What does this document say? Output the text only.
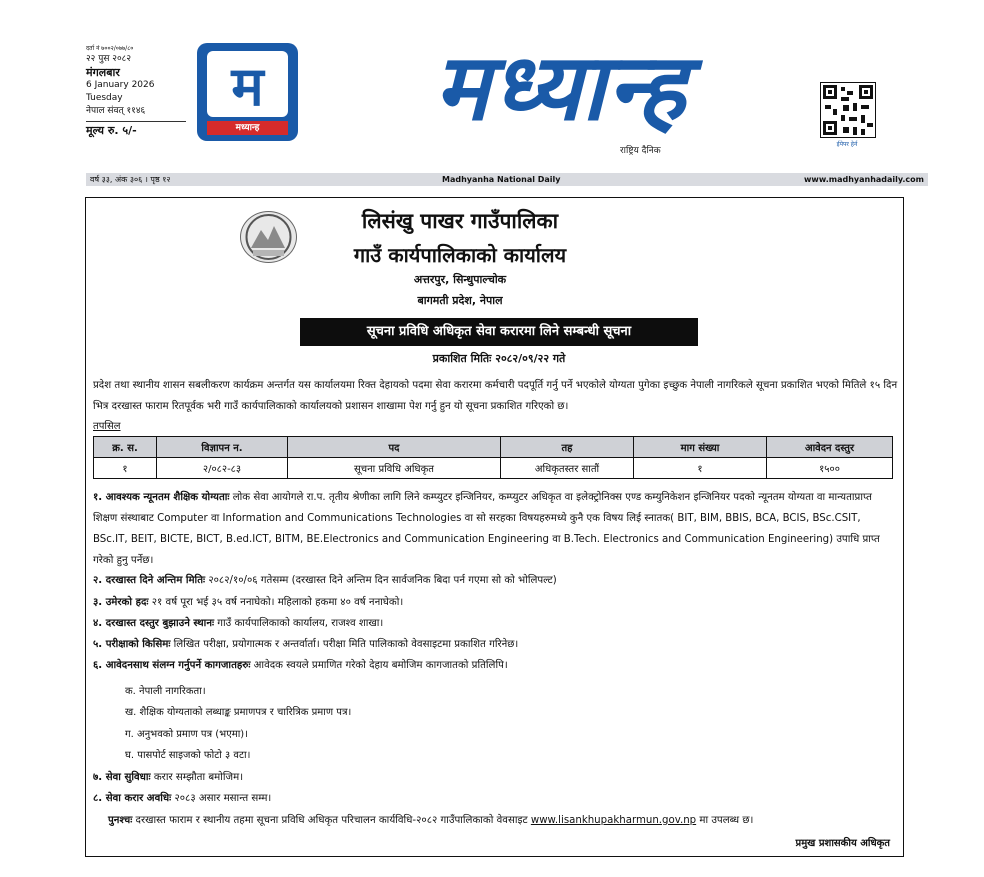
दर्ता नं ७००२/०७७/८०
२२ पुस २०८२
मंगलबार
6 January 2026
Tuesday
नेपाल संवत् ११४६
मूल्य रु. ५/-
म
मध्यान्ह	मध्यान्ह
राष्ट्रिय दैनिक
ईपेपर हेर्न
वर्ष ३३, अंक ३०६ । पृष्ठ १२	Madhyanha National Daily	www.madhyanhadaily.com
लिसंखु पाखर गाउँपालिका
गाउँ कार्यपालिकाको कार्यालय
अत्तरपुर, सिन्धुपाल्चोक
बागमती प्रदेश, नेपाल
सूचना प्रविधि अधिकृत सेवा करारमा लिने सम्बन्धी सूचना
प्रकाशित मितिः २०८२/०९/२२ गते
प्रदेश तथा स्थानीय शासन सबलीकरण कार्यक्रम अन्तर्गत यस कार्यालयमा रिक्त देहायको पदमा सेवा करारमा कर्मचारी पदपूर्ति गर्नु पर्ने भएकोले योग्यता पुगेका इच्छुक नेपाली नागरिकले सूचना प्रकाशित भएको मितिले १५ दिन भित्र दरखास्त फाराम रितपूर्वक भरी गाउँ कार्यपालिकाको कार्यालयको प्रशासन शाखामा पेश गर्नु हुन यो सूचना प्रकाशित गरिएको छ।
तपसिल
क्र. स.	विज्ञापन न.	पद	तह	माग संख्या	आवेदन दस्तुर
१	२/०८२-८३	सूचना प्रविधि अधिकृत	अधिकृतस्तर सातौं	१	१५००
१. आवश्यक न्यूनतम शैक्षिक योग्यताः लोक सेवा आयोगले रा.प. तृतीय श्रेणीका लागि लिने कम्प्युटर इन्जिनियर, कम्प्युटर अधिकृत वा इलेक्ट्रोनिक्स एण्ड कम्युनिकेशन इन्जिनियर पदको न्यूनतम योग्यता वा मान्यताप्राप्त शिक्षण संस्थाबाट Computer वा Information and Communications Technologies वा सो सरहका विषयहरुमध्ये कुनै एक विषय लिई स्नातक( BIT, BIM, BBIS, BCA, BCIS, BSc.CSIT, BSc.IT, BEIT, BICTE, BICT, B.ed.ICT, BITM, BE.Electronics and Communication Engineering वा B.Tech. Electronics and Communication Engineering) उपाधि प्राप्त गरेको हुनु पर्नेछ।
२. दरखास्त दिने अन्तिम मितिः २०८२/१०/०६ गतेसम्म (दरखास्त दिने अन्तिम दिन सार्वजनिक बिदा पर्न गएमा सो को भोलिपल्ट)
३. उमेरको हदः २१ वर्ष पूरा भई ३५ वर्ष ननाघेको। महिलाको हकमा ४० वर्ष ननाघेको।
४. दरखास्त दस्तुर बुझाउने स्थानः गाउँ कार्यपालिकाको कार्यालय, राजश्व शाखा।
५. परीक्षाको किसिमः लिखित परीक्षा, प्रयोगात्मक र अन्तर्वार्ता। परीक्षा मिति पालिकाको वेवसाइटमा प्रकाशित गरिनेछ।
६. आवेदनसाथ संलग्न गर्नुपर्ने कागजातहरुः आवेदक स्वयले प्रमाणित गरेको देहाय बमोजिम कागजातको प्रतिलिपि।
क. नेपाली नागरिकता।
ख. शैक्षिक योग्यताको लब्धाङ्क प्रमाणपत्र र चारित्रिक प्रमाण पत्र।
ग. अनुभवको प्रमाण पत्र (भएमा)।
घ. पासपोर्ट साइजको फोटो ३ वटा।
७. सेवा सुविधाः करार सम्झौता बमोजिम।
८. सेवा करार अवधिः २०८३ असार मसान्त सम्म।
पुनश्चः दरखास्त फाराम र स्थानीय तहमा सूचना प्रविधि अधिकृत परिचालन कार्यविधि-२०८२ गाउँपालिकाको वेवसाइट www.lisankhupakharmun.gov.np मा उपलब्ध छ।
प्रमुख प्रशासकीय अधिकृत
